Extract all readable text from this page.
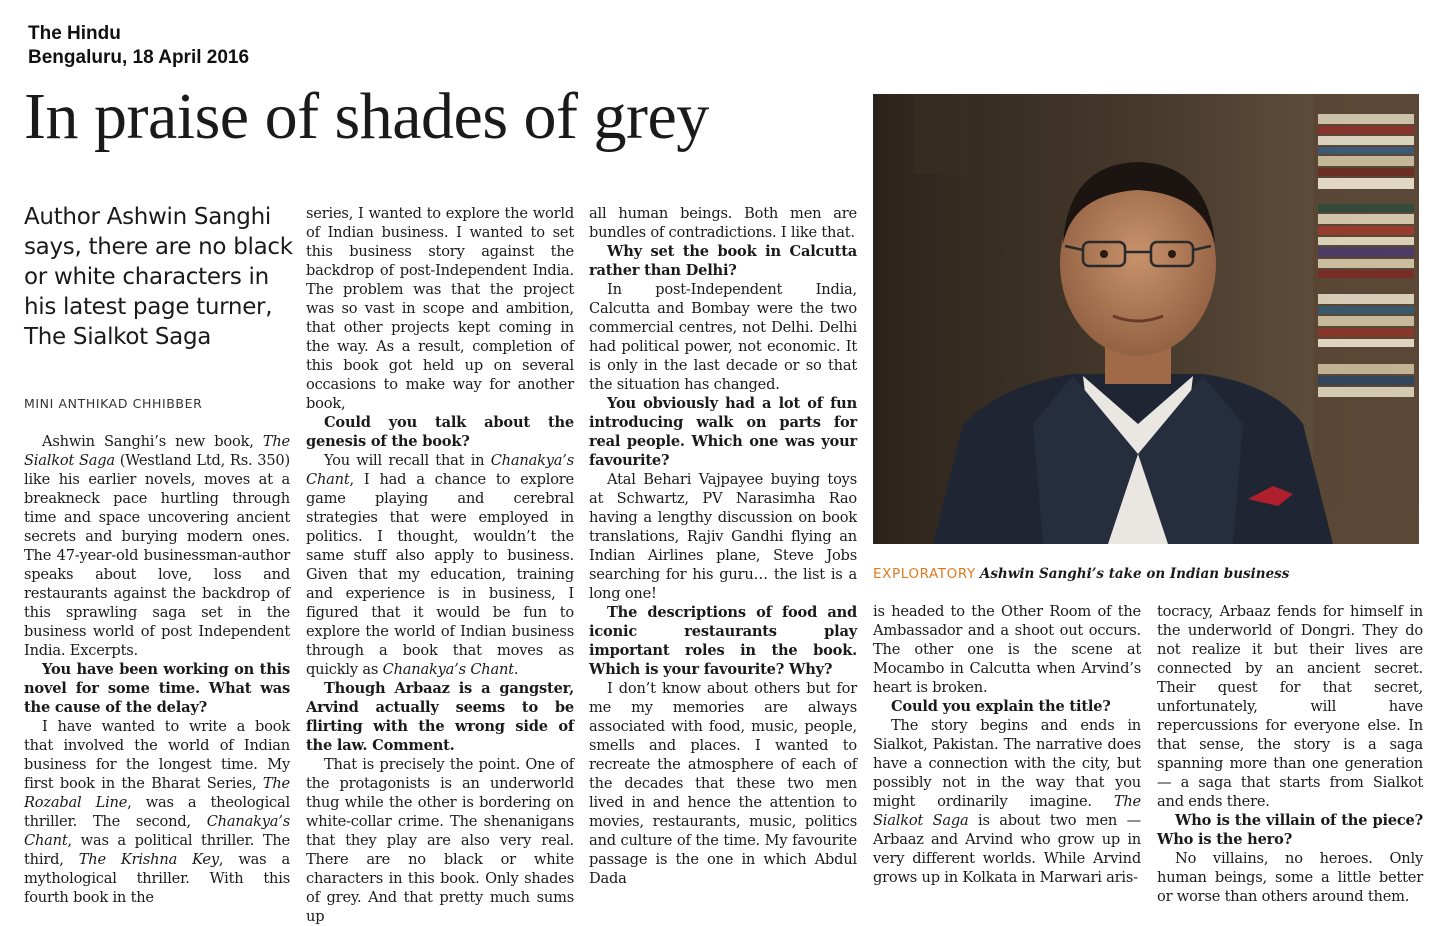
The Hindu
Bengaluru, 18 April 2016
In praise of shades of grey
Author Ashwin Sanghi says, there are no black or white characters in his latest page turner, The Sialkot Saga
MINI ANTHIKAD CHHIBBER

Ashwin Sanghi’s new book, The Sialkot Saga (Westland Ltd, Rs. 350) like his earlier novels, moves at a breakneck pace hurtling through time and space uncovering ancient secrets and burying modern ones. The 47-year-old businessman-author speaks about love, loss and restaurants against the backdrop of this sprawling saga set in the business world of post Independent India. Excerpts.

You have been working on this novel for some time. What was the cause of the delay?

I have wanted to write a book that involved the world of Indian business for the longest time. My first book in the Bharat Series, The Rozabal Line, was a theological thriller. The second, Chanakya’s Chant, was a political thriller. The third, The Krishna Key, was a mythological thriller. With this fourth book in the

series, I wanted to explore the world of Indian business. I wanted to set this business story against the backdrop of post-Independent India. The problem was that the project was so vast in scope and ambition, that other projects kept coming in the way. As a result, completion of this book got held up on several occasions to make way for another book,

Could you talk about the genesis of the book?

You will recall that in Chanakya’s Chant, I had a chance to explore game playing and cerebral strategies that were employed in politics. I thought, wouldn’t the same stuff also apply to business. Given that my education, training and experience is in business, I figured that it would be fun to explore the world of Indian business through a book that moves as quickly as Chanakya’s Chant.

Though Arbaaz is a gangster, Arvind actually seems to be flirting with the wrong side of the law. Comment.

That is precisely the point. One of the protagonists is an underworld thug while the other is bordering on white-collar crime. The shenanigans that they play are also very real. There are no black or white characters in this book. Only shades of grey. And that pretty much sums up

all human beings. Both men are bundles of contradictions. I like that.

Why set the book in Calcutta rather than Delhi?

In post-Independent India, Calcutta and Bombay were the two commercial centres, not Delhi. Delhi had political power, not economic. It is only in the last decade or so that the situation has changed.

You obviously had a lot of fun introducing walk on parts for real people. Which one was your favourite?

Atal Behari Vajpayee buying toys at Schwartz, PV Narasimha Rao having a lengthy discussion on book translations, Rajiv Gandhi flying an Indian Airlines plane, Steve Jobs searching for his guru… the list is a long one!

The descriptions of food and iconic restaurants play important roles in the book. Which is your favourite? Why?

I don’t know about others but for me my memories are always associated with food, music, people, smells and places. I wanted to recreate the atmosphere of each of the decades that these two men lived in and hence the attention to movies, restaurants, music, politics and culture of the time. My favourite passage is the one in which Abdul Dada

EXPLORATORY Ashwin Sanghi’s take on Indian business

is headed to the Other Room of the Ambassador and a shoot out occurs. The other one is the scene at Mocambo in Calcutta when Arvind’s heart is broken.

Could you explain the title?

The story begins and ends in Sialkot, Pakistan. The narrative does have a connection with the city, but possibly not in the way that you might ordinarily imagine. The Sialkot Saga is about two men — Arbaaz and Arvind who grow up in very different worlds. While Arvind grows up in Kolkata in Marwari aris-

tocracy, Arbaaz fends for himself in the underworld of Dongri. They do not realize it but their lives are connected by an ancient secret. Their quest for that secret, unfortunately, will have repercussions for everyone else. In that sense, the story is a saga spanning more than one generation — a saga that starts from Sialkot and ends there.

Who is the villain of the piece? Who is the hero?

No villains, no heroes. Only human beings, some a little better or worse than others around them.
